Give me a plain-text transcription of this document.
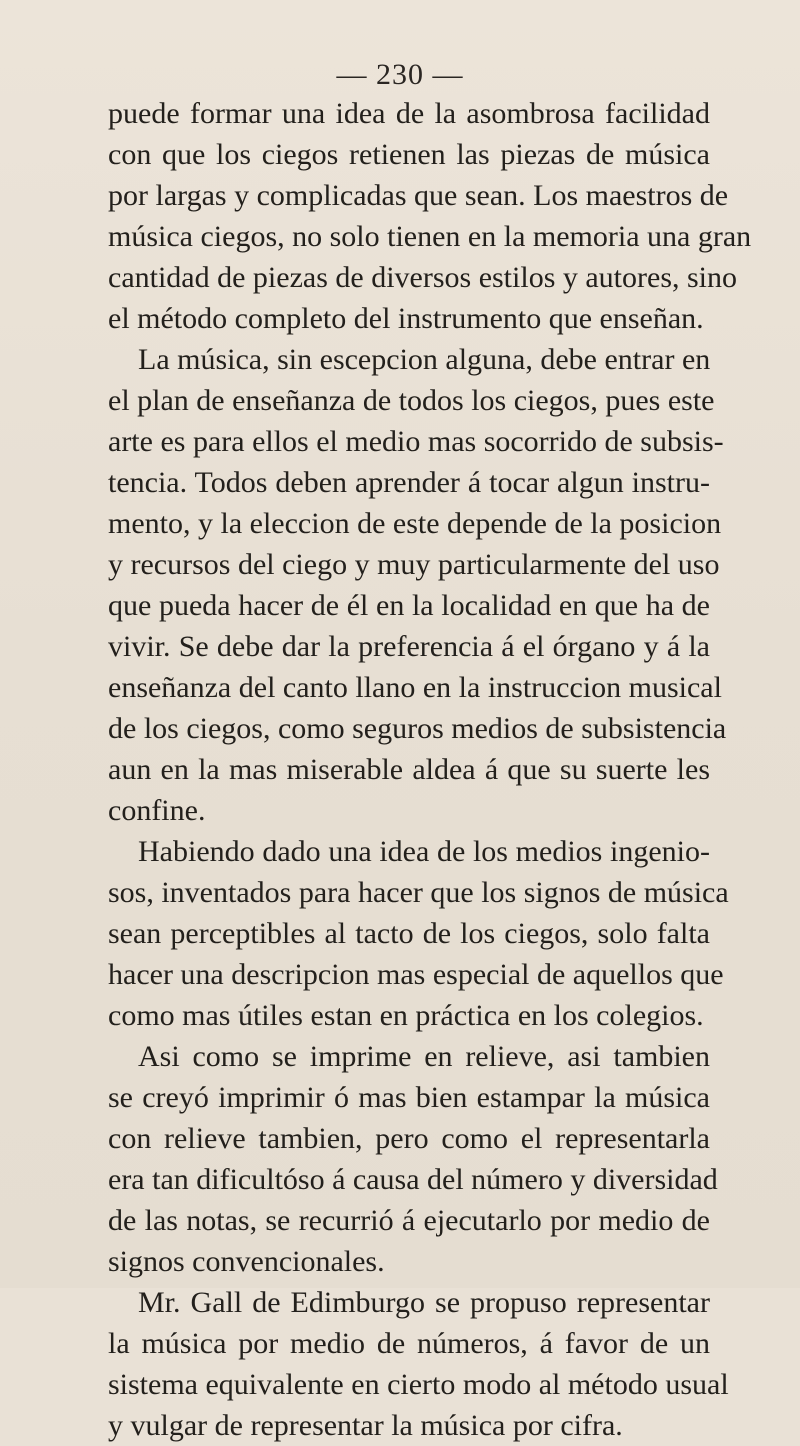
— 230 —
puede formar una idea de la asombrosa facilidad
con que los ciegos retienen las piezas de música
por largas y complicadas que sean. Los maestros de
música ciegos, no solo tienen en la memoria una gran
cantidad de piezas de diversos estilos y autores, sino
el método completo del instrumento que enseñan.
La música, sin escepcion alguna, debe entrar en
el plan de enseñanza de todos los ciegos, pues este
arte es para ellos el medio mas socorrido de subsis-
tencia. Todos deben aprender á tocar algun instru-
mento, y la eleccion de este depende de la posicion
y recursos del ciego y muy particularmente del uso
que pueda hacer de él en la localidad en que ha de
vivir. Se debe dar la preferencia á el órgano y á la
enseñanza del canto llano en la instruccion musical
de los ciegos, como seguros medios de subsistencia
aun en la mas miserable aldea á que su suerte les
confine.
Habiendo dado una idea de los medios ingenio-
sos, inventados para hacer que los signos de música
sean perceptibles al tacto de los ciegos, solo falta
hacer una descripcion mas especial de aquellos que
como mas útiles estan en práctica en los colegios.
Asi como se imprime en relieve, asi tambien
se creyó imprimir ó mas bien estampar la música
con relieve tambien, pero como el representarla
era tan dificultóso á causa del número y diversidad
de las notas, se recurrió á ejecutarlo por medio de
signos convencionales.
Mr. Gall de Edimburgo se propuso representar
la música por medio de números, á favor de un
sistema equivalente en cierto modo al método usual
y vulgar de representar la música por cifra.
